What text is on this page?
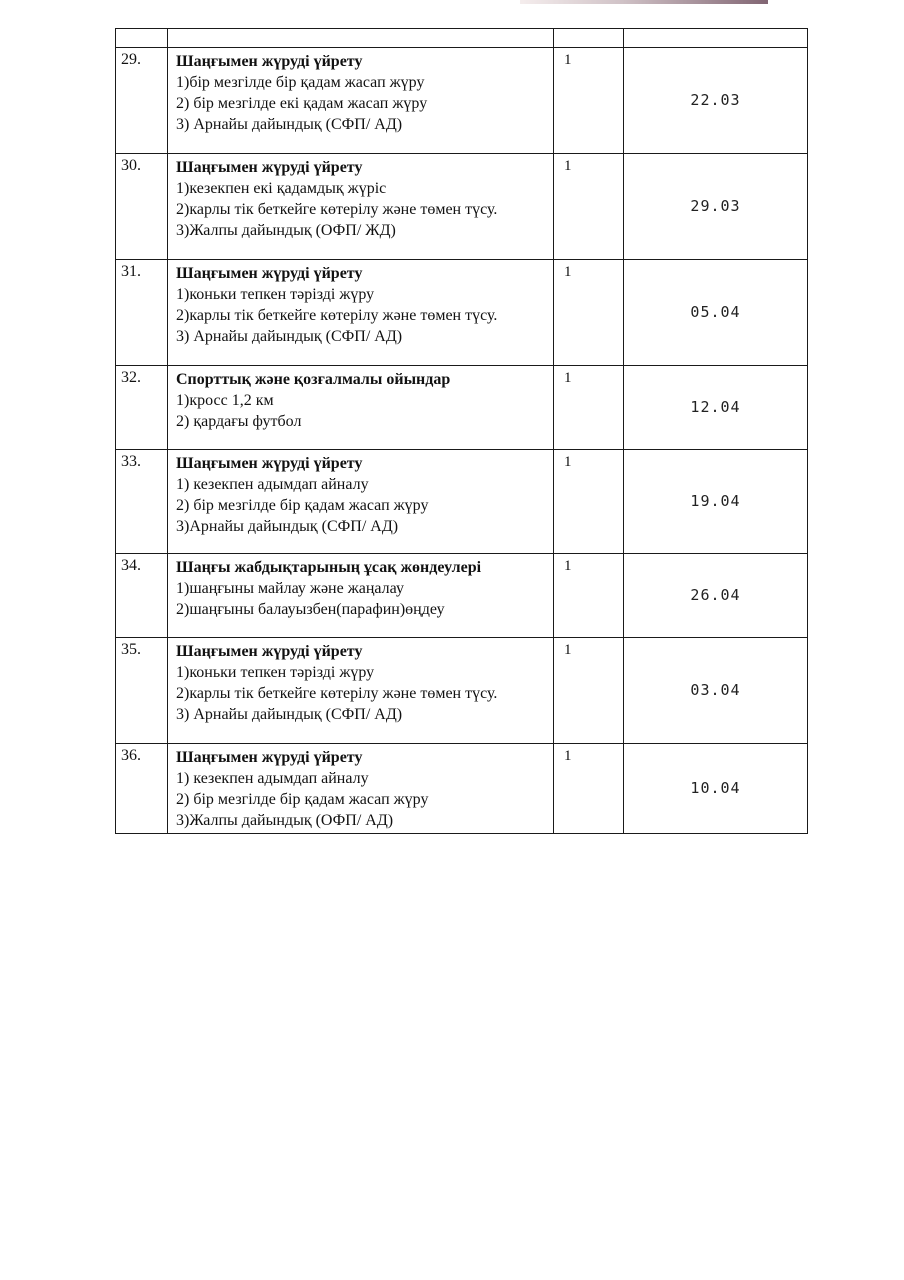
29.	Шаңғымен жүруді үйрету
1)бір мезгілде бір қадам жасап жүру
2) бір мезгілде екі қадам жасап жүру
3) Арнайы дайындық (СФП/ АД)	1	22.03
30.	Шаңғымен жүруді үйрету
1)кезекпен екі қадамдық жүріс
2)карлы тік беткейге көтерілу және төмен түсу.
3)Жалпы дайындық (ОФП/ ЖД)	1	29.03
31.	Шаңғымен жүруді үйрету
1)коньки тепкен тәрізді жүру
2)карлы тік беткейге көтерілу және төмен түсу.
3) Арнайы дайындық (СФП/ АД)	1	05.04
32.	Спорттық және қозғалмалы ойындар
1)кросс 1,2 км
2) қардағы футбол	1	12.04
33.	Шаңғымен жүруді үйрету
1) кезекпен адымдап айналу
2) бір мезгілде бір қадам жасап жүру
3)Арнайы дайындық (СФП/ АД)	1	19.04
34.	Шаңғы жабдықтарының ұсақ жөндеулері
1)шаңғыны майлау және жаңалау
2)шаңғыны балауызбен(парафин)өңдеу	1	26.04
35.	Шаңғымен жүруді үйрету
1)коньки тепкен тәрізді жүру
2)карлы тік беткейге көтерілу және төмен түсу.
3) Арнайы дайындық (СФП/ АД)	1	03.04
36.	Шаңғымен жүруді үйрету
1) кезекпен адымдап айналу
2) бір мезгілде бір қадам жасап жүру
3)Жалпы дайындық (ОФП/ АД)	1	10.04
